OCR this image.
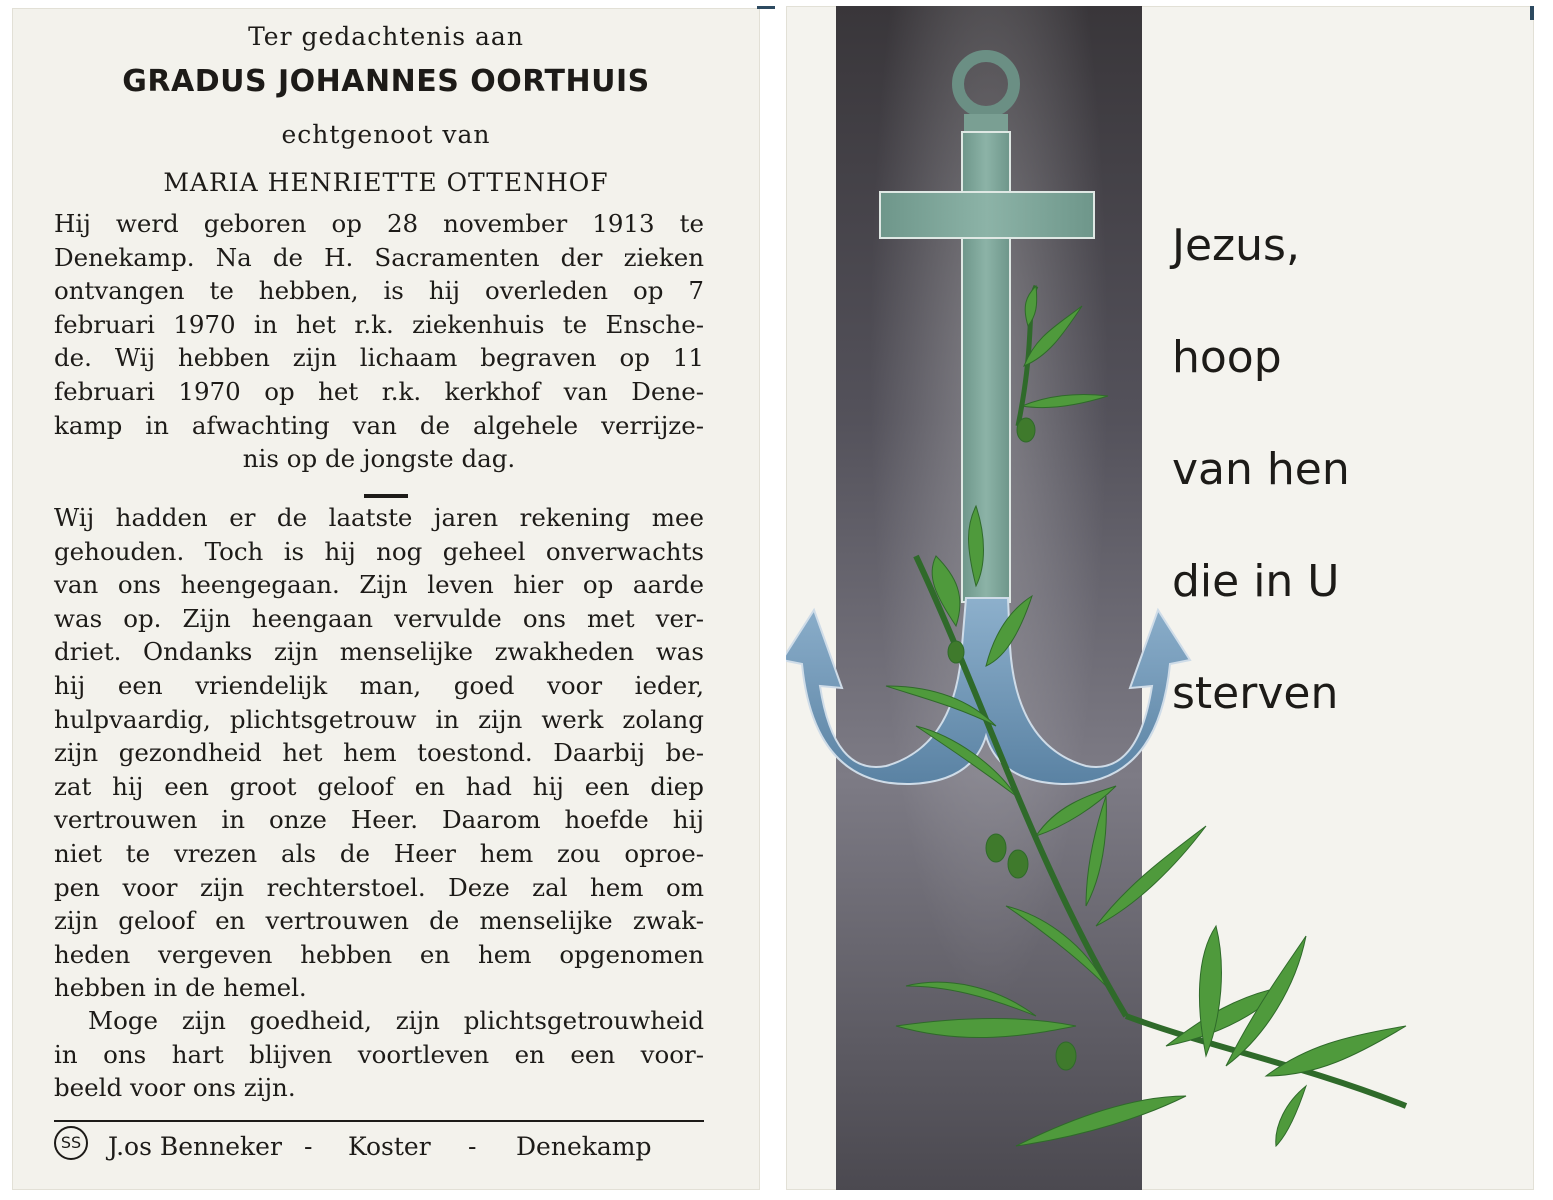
Ter gedachtenis aan
GRADUS JOHANNES OORTHUIS
echtgenoot van
MARIA HENRIETTE OTTENHOF
Hij werd geboren op 28 november 1913 te
Denekamp. Na de H. Sacramenten der zieken
ontvangen te hebben, is hij overleden op 7
februari 1970 in het r.k. ziekenhuis te Ensche-
de. Wij hebben zijn lichaam begraven op 11
februari 1970 op het r.k. kerkhof van Dene-
kamp in afwachting van de algehele verrijze-
nis op de jongste dag.
Wij hadden er de laatste jaren rekening mee
gehouden. Toch is hij nog geheel onverwachts
van ons heengegaan. Zijn leven hier op aarde
was op. Zijn heengaan vervulde ons met ver-
driet. Ondanks zijn menselijke zwakheden was
hij een vriendelijk man, goed voor ieder,
hulpvaardig, plichtsgetrouw in zijn werk zolang
zijn gezondheid het hem toestond. Daarbij be-
zat hij een groot geloof en had hij een diep
vertrouwen in onze Heer. Daarom hoefde hij
niet te vrezen als de Heer hem zou oproe-
pen voor zijn rechterstoel. Deze zal hem om
zijn geloof en vertrouwen de menselijke zwak-
heden vergeven hebben en hem opgenomen
hebben in de hemel.
Moge zijn goedheid, zijn plichtsgetrouwheid
in ons hart blijven voortleven en een voor-
beeld voor ons zijn.
SS J.os Benneker - Koster - Denekamp
Jezus,
hoop
van hen
die in U
sterven
